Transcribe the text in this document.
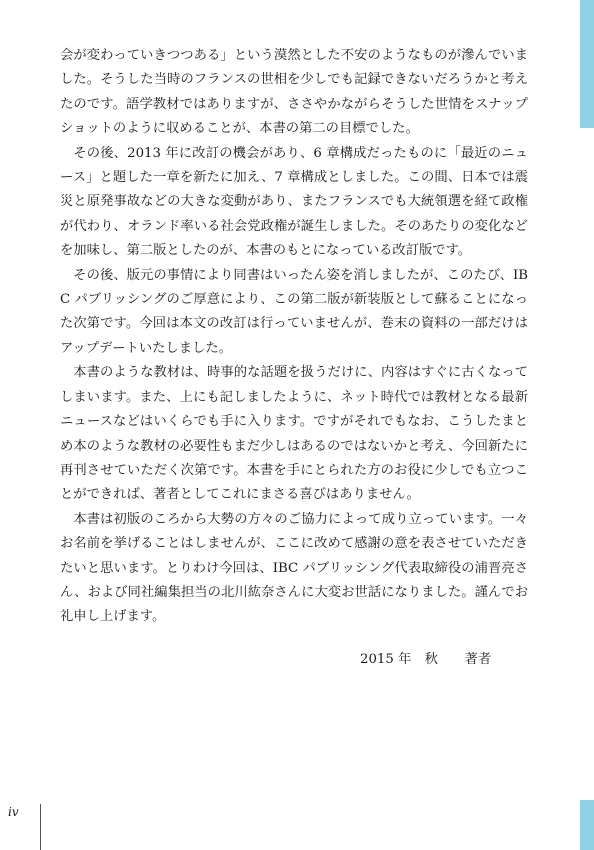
会が変わっていきつつある」という漠然とした不安のようなものが滲んでいました。そうした当時のフランスの世相を少しでも記録できないだろうかと考えたのです。語学教材ではありますが、ささやかながらそうした世情をスナップショットのように収めることが、本書の第二の目標でした。

その後、2013 年に改訂の機会があり、6 章構成だったものに「最近のニュース」と題した一章を新たに加え、7 章構成としました。この間、日本では震災と原発事故などの大きな変動があり、またフランスでも大統領選を経て政権が代わり、オランド率いる社会党政権が誕生しました。そのあたりの変化などを加味し、第二版としたのが、本書のもとになっている改訂版です。

その後、版元の事情により同書はいったん姿を消しましたが、このたび、IBC パブリッシングのご厚意により、この第二版が新装版として蘇ることになった次第です。今回は本文の改訂は行っていませんが、巻末の資料の一部だけはアップデートいたしました。

本書のような教材は、時事的な話題を扱うだけに、内容はすぐに古くなってしまいます。また、上にも記しましたように、ネット時代では教材となる最新ニュースなどはいくらでも手に入ります。ですがそれでもなお、こうしたまとめ本のような教材の必要性もまだ少しはあるのではないかと考え、今回新たに再刊させていただく次第です。本書を手にとられた方のお役に少しでも立つことができれば、著者としてこれにまさる喜びはありません。

本書は初版のころから大勢の方々のご協力によって成り立っています。一々お名前を挙げることはしませんが、ここに改めて感謝の意を表させていただきたいと思います。とりわけ今回は、IBC パブリッシング代表取締役の浦晋亮さん、および同社編集担当の北川紘奈さんに大変お世話になりました。謹んでお礼申し上げます。

2015 年　秋　　著者
iv
